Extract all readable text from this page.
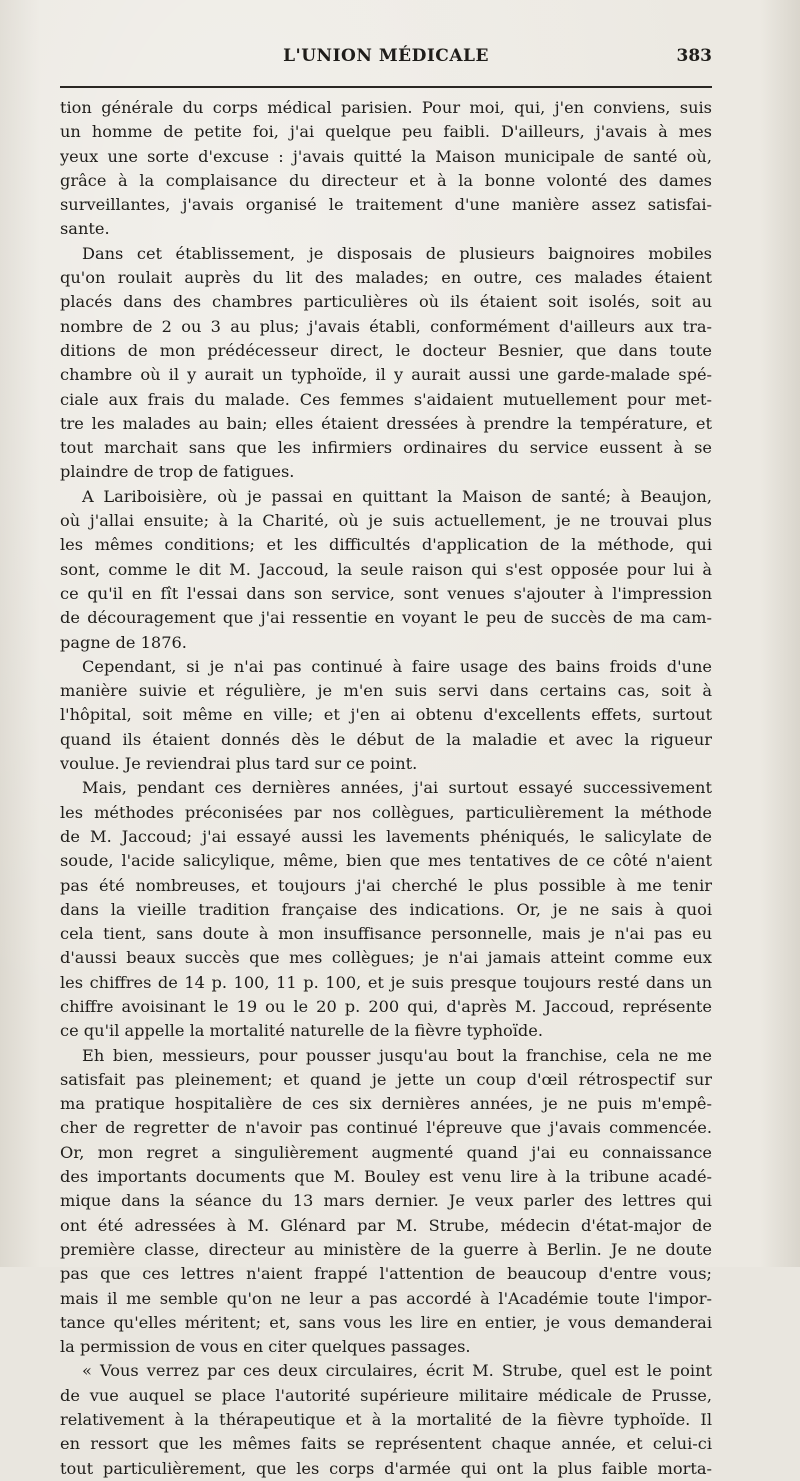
L'UNION MÉDICALE	383
tion générale du corps médical parisien. Pour moi, qui, j'en conviens, suis
un homme de petite foi, j'ai quelque peu faibli. D'ailleurs, j'avais à mes
yeux une sorte d'excuse : j'avais quitté la Maison municipale de santé où,
grâce à la complaisance du directeur et à la bonne volonté des dames
surveillantes, j'avais organisé le traitement d'une manière assez satisfai-
sante.
Dans cet établissement, je disposais de plusieurs baignoires mobiles
qu'on roulait auprès du lit des malades; en outre, ces malades étaient
placés dans des chambres particulières où ils étaient soit isolés, soit au
nombre de 2 ou 3 au plus; j'avais établi, conformément d'ailleurs aux tra-
ditions de mon prédécesseur direct, le docteur Besnier, que dans toute
chambre où il y aurait un typhoïde, il y aurait aussi une garde-malade spé-
ciale aux frais du malade. Ces femmes s'aidaient mutuellement pour met-
tre les malades au bain; elles étaient dressées à prendre la température, et
tout marchait sans que les infirmiers ordinaires du service eussent à se
plaindre de trop de fatigues.
A Lariboisière, où je passai en quittant la Maison de santé; à Beaujon,
où j'allai ensuite; à la Charité, où je suis actuellement, je ne trouvai plus
les mêmes conditions; et les difficultés d'application de la méthode, qui
sont, comme le dit M. Jaccoud, la seule raison qui s'est opposée pour lui à
ce qu'il en fît l'essai dans son service, sont venues s'ajouter à l'impression
de découragement que j'ai ressentie en voyant le peu de succès de ma cam-
pagne de 1876.
Cependant, si je n'ai pas continué à faire usage des bains froids d'une
manière suivie et régulière, je m'en suis servi dans certains cas, soit à
l'hôpital, soit même en ville; et j'en ai obtenu d'excellents effets, surtout
quand ils étaient donnés dès le début de la maladie et avec la rigueur
voulue. Je reviendrai plus tard sur ce point.
Mais, pendant ces dernières années, j'ai surtout essayé successivement
les méthodes préconisées par nos collègues, particulièrement la méthode
de M. Jaccoud; j'ai essayé aussi les lavements phéniqués, le salicylate de
soude, l'acide salicylique, même, bien que mes tentatives de ce côté n'aient
pas été nombreuses, et toujours j'ai cherché le plus possible à me tenir
dans la vieille tradition française des indications. Or, je ne sais à quoi
cela tient, sans doute à mon insuffisance personnelle, mais je n'ai pas eu
d'aussi beaux succès que mes collègues; je n'ai jamais atteint comme eux
les chiffres de 14 p. 100, 11 p. 100, et je suis presque toujours resté dans un
chiffre avoisinant le 19 ou le 20 p. 200 qui, d'après M. Jaccoud, représente
ce qu'il appelle la mortalité naturelle de la fièvre typhoïde.
Eh bien, messieurs, pour pousser jusqu'au bout la franchise, cela ne me
satisfait pas pleinement; et quand je jette un coup d'œil rétrospectif sur
ma pratique hospitalière de ces six dernières années, je ne puis m'empê-
cher de regretter de n'avoir pas continué l'épreuve que j'avais commencée.
Or, mon regret a singulièrement augmenté quand j'ai eu connaissance
des importants documents que M. Bouley est venu lire à la tribune acadé-
mique dans la séance du 13 mars dernier. Je veux parler des lettres qui
ont été adressées à M. Glénard par M. Strube, médecin d'état-major de
première classe, directeur au ministère de la guerre à Berlin. Je ne doute
pas que ces lettres n'aient frappé l'attention de beaucoup d'entre vous;
mais il me semble qu'on ne leur a pas accordé à l'Académie toute l'impor-
tance qu'elles méritent; et, sans vous les lire en entier, je vous demanderai
la permission de vous en citer quelques passages.
« Vous verrez par ces deux circulaires, écrit M. Strube, quel est le point
de vue auquel se place l'autorité supérieure militaire médicale de Prusse,
relativement à la thérapeutique et à la mortalité de la fièvre typhoïde. Il
en ressort que les mêmes faits se représentent chaque année, et celui-ci
tout particulièrement, que les corps d'armée qui ont la plus faible morta-
